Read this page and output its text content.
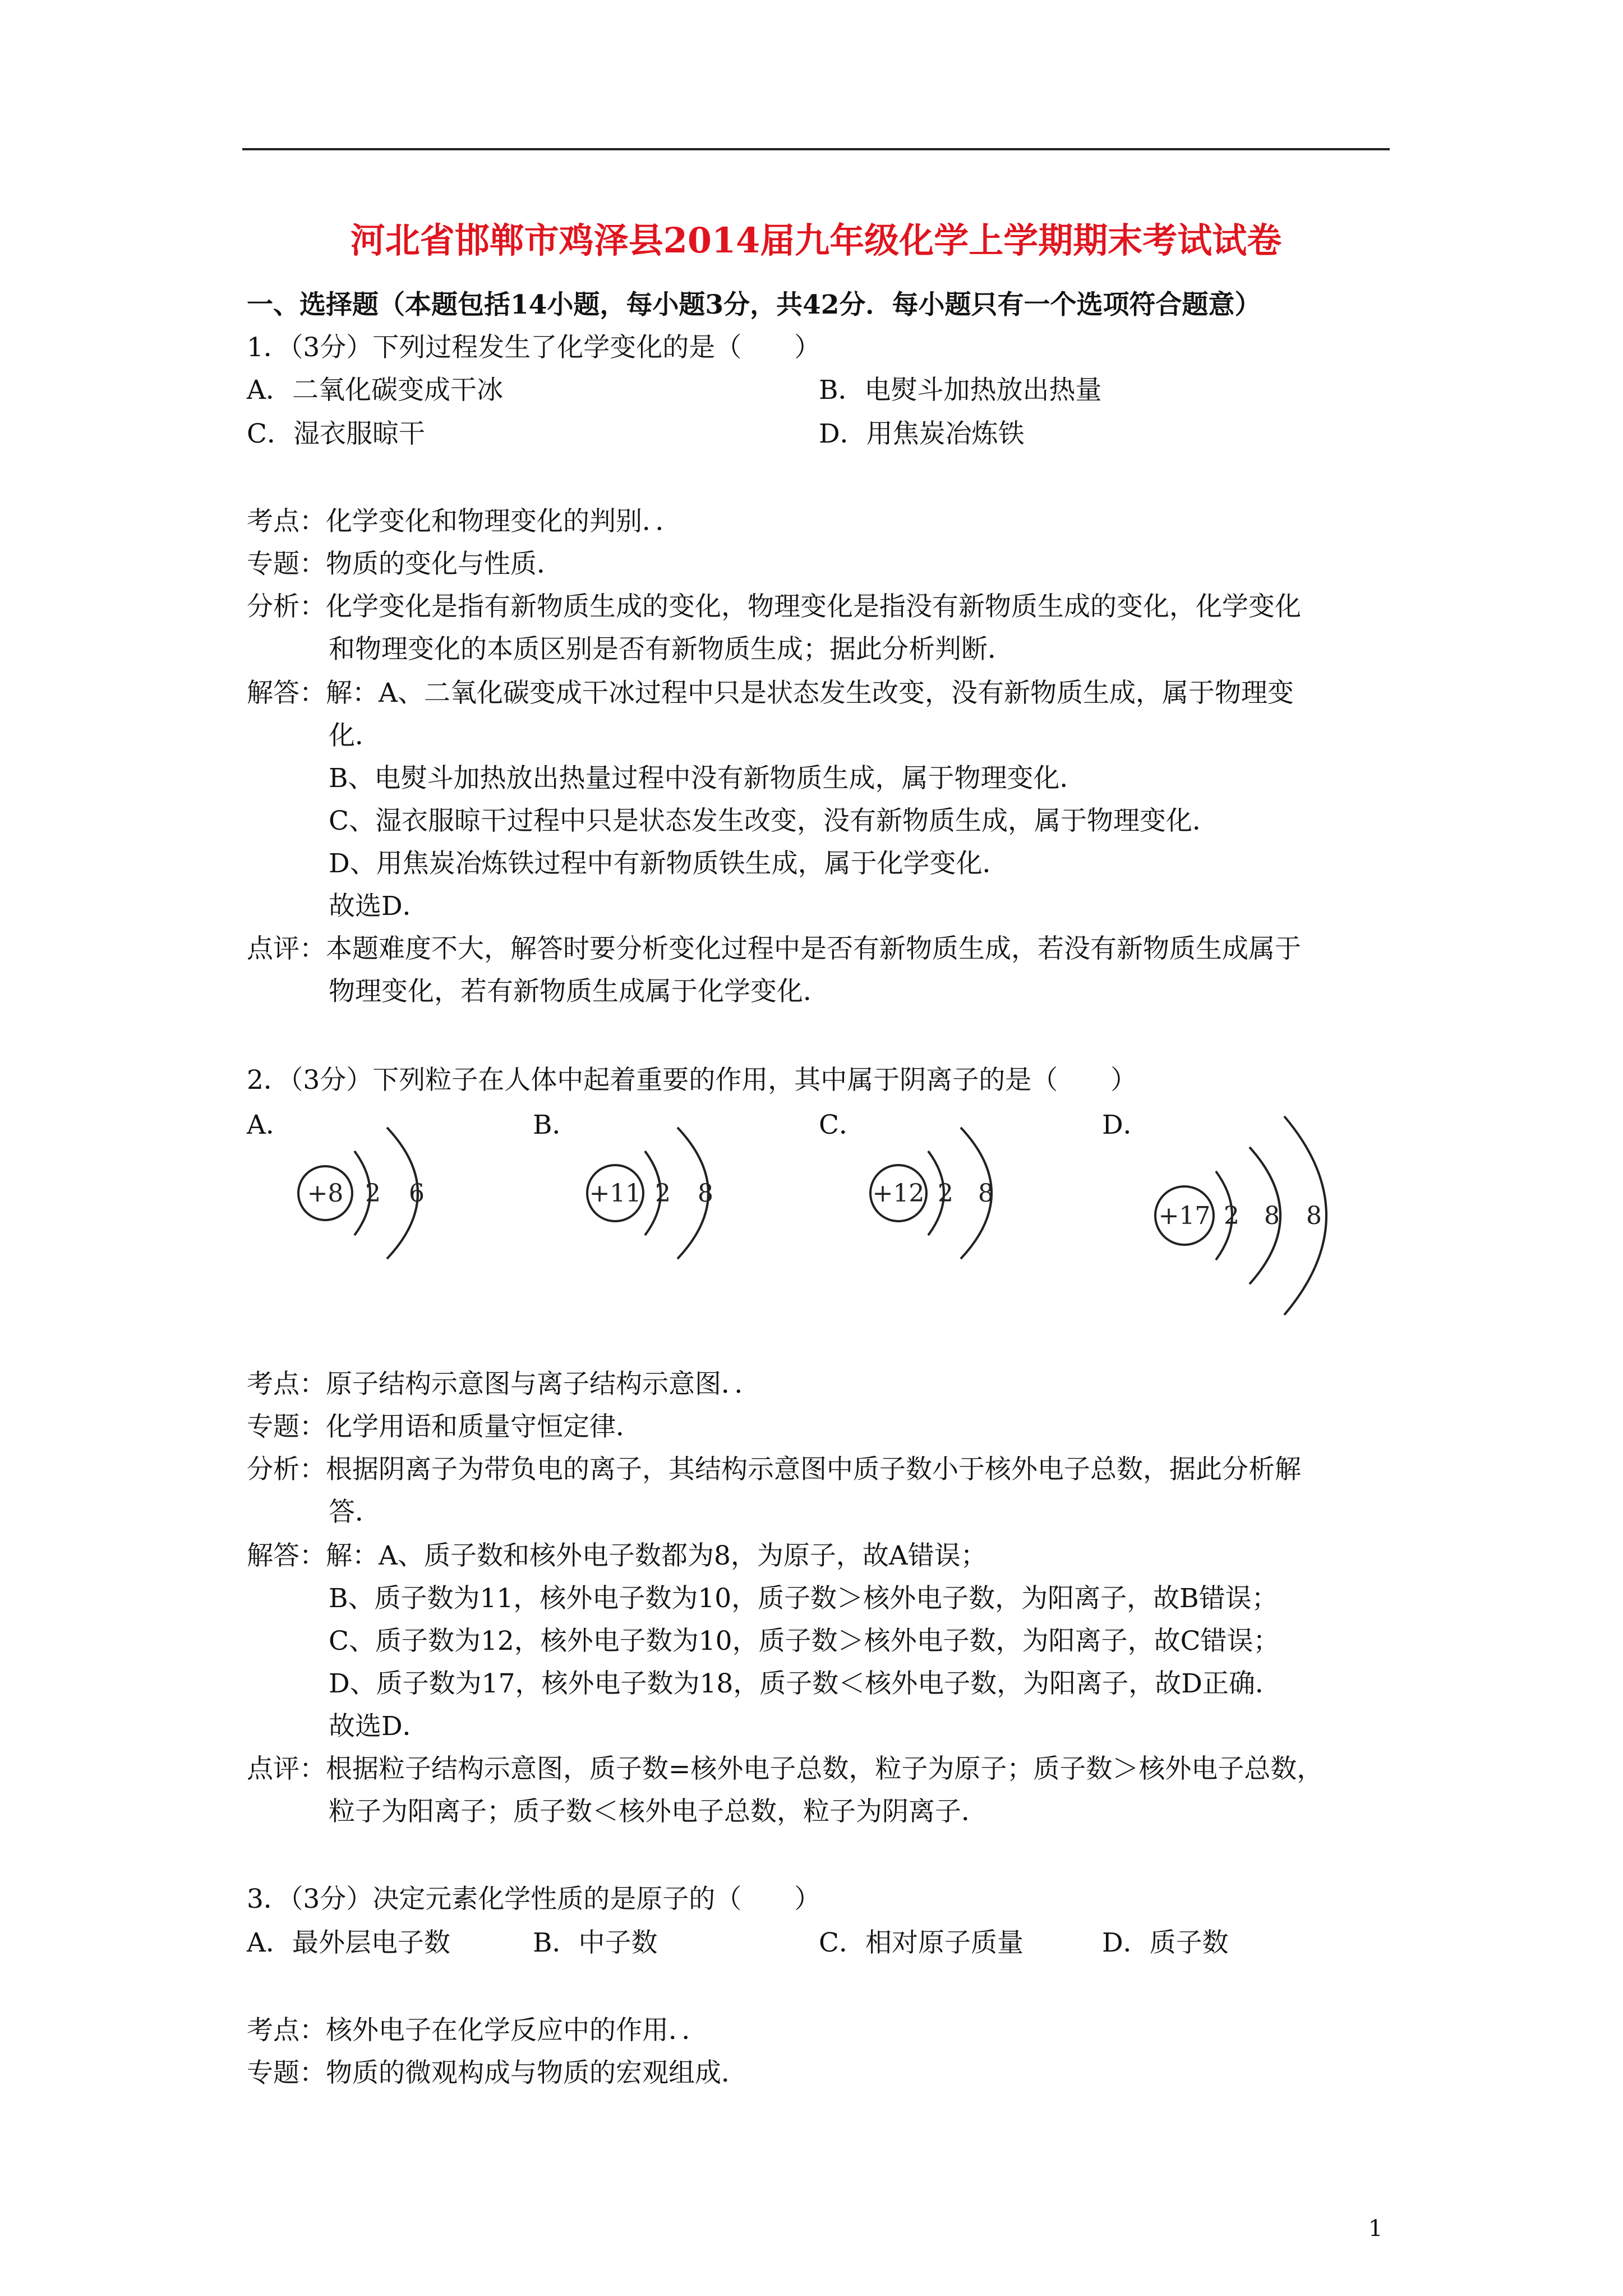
河北省邯郸市鸡泽县2014届九年级化学上学期期末考试试卷
一、选择题（本题包括14小题，每小题3分，共42分．每小题只有一个选项符合题意）
1．（3分）下列过程发生了化学变化的是（　　）
A．二氧化碳变成干冰	B．电熨斗加热放出热量
C．湿衣服晾干	D．用焦炭冶炼铁
考点：化学变化和物理变化的判别．．
专题：物质的变化与性质．
分析：化学变化是指有新物质生成的变化，物理变化是指没有新物质生成的变化，化学变化
和物理变化的本质区别是否有新物质生成；据此分析判断．
解答：解：A、二氧化碳变成干冰过程中只是状态发生改变，没有新物质生成，属于物理变
化．
B、电熨斗加热放出热量过程中没有新物质生成，属于物理变化．
C、湿衣服晾干过程中只是状态发生改变，没有新物质生成，属于物理变化．
D、用焦炭冶炼铁过程中有新物质铁生成，属于化学变化．
故选D．
点评：本题难度不大，解答时要分析变化过程中是否有新物质生成，若没有新物质生成属于
物理变化，若有新物质生成属于化学变化．
2．（3分）下列粒子在人体中起着重要的作用，其中属于阴离子的是（　　）
A．	B．	C．	D．
+8 2 6	+11 2 8	+12 2 8
+17 2 8 8
考点：原子结构示意图与离子结构示意图．．
专题：化学用语和质量守恒定律．
分析：根据阴离子为带负电的离子，其结构示意图中质子数小于核外电子总数，据此分析解
答．
解答：解：A、质子数和核外电子数都为8，为原子，故A错误；
B、质子数为11，核外电子数为10，质子数＞核外电子数，为阳离子，故B错误；
C、质子数为12，核外电子数为10，质子数＞核外电子数，为阳离子，故C错误；
D、质子数为17，核外电子数为18，质子数＜核外电子数，为阳离子，故D正确．
故选D．
点评：根据粒子结构示意图，质子数=核外电子总数，粒子为原子；质子数＞核外电子总数，
粒子为阳离子；质子数＜核外电子总数，粒子为阴离子．
3．（3分）决定元素化学性质的是原子的（　　）
A．最外层电子数	B．中子数	C．相对原子质量	D．质子数
考点：核外电子在化学反应中的作用．．
专题：物质的微观构成与物质的宏观组成．
1
